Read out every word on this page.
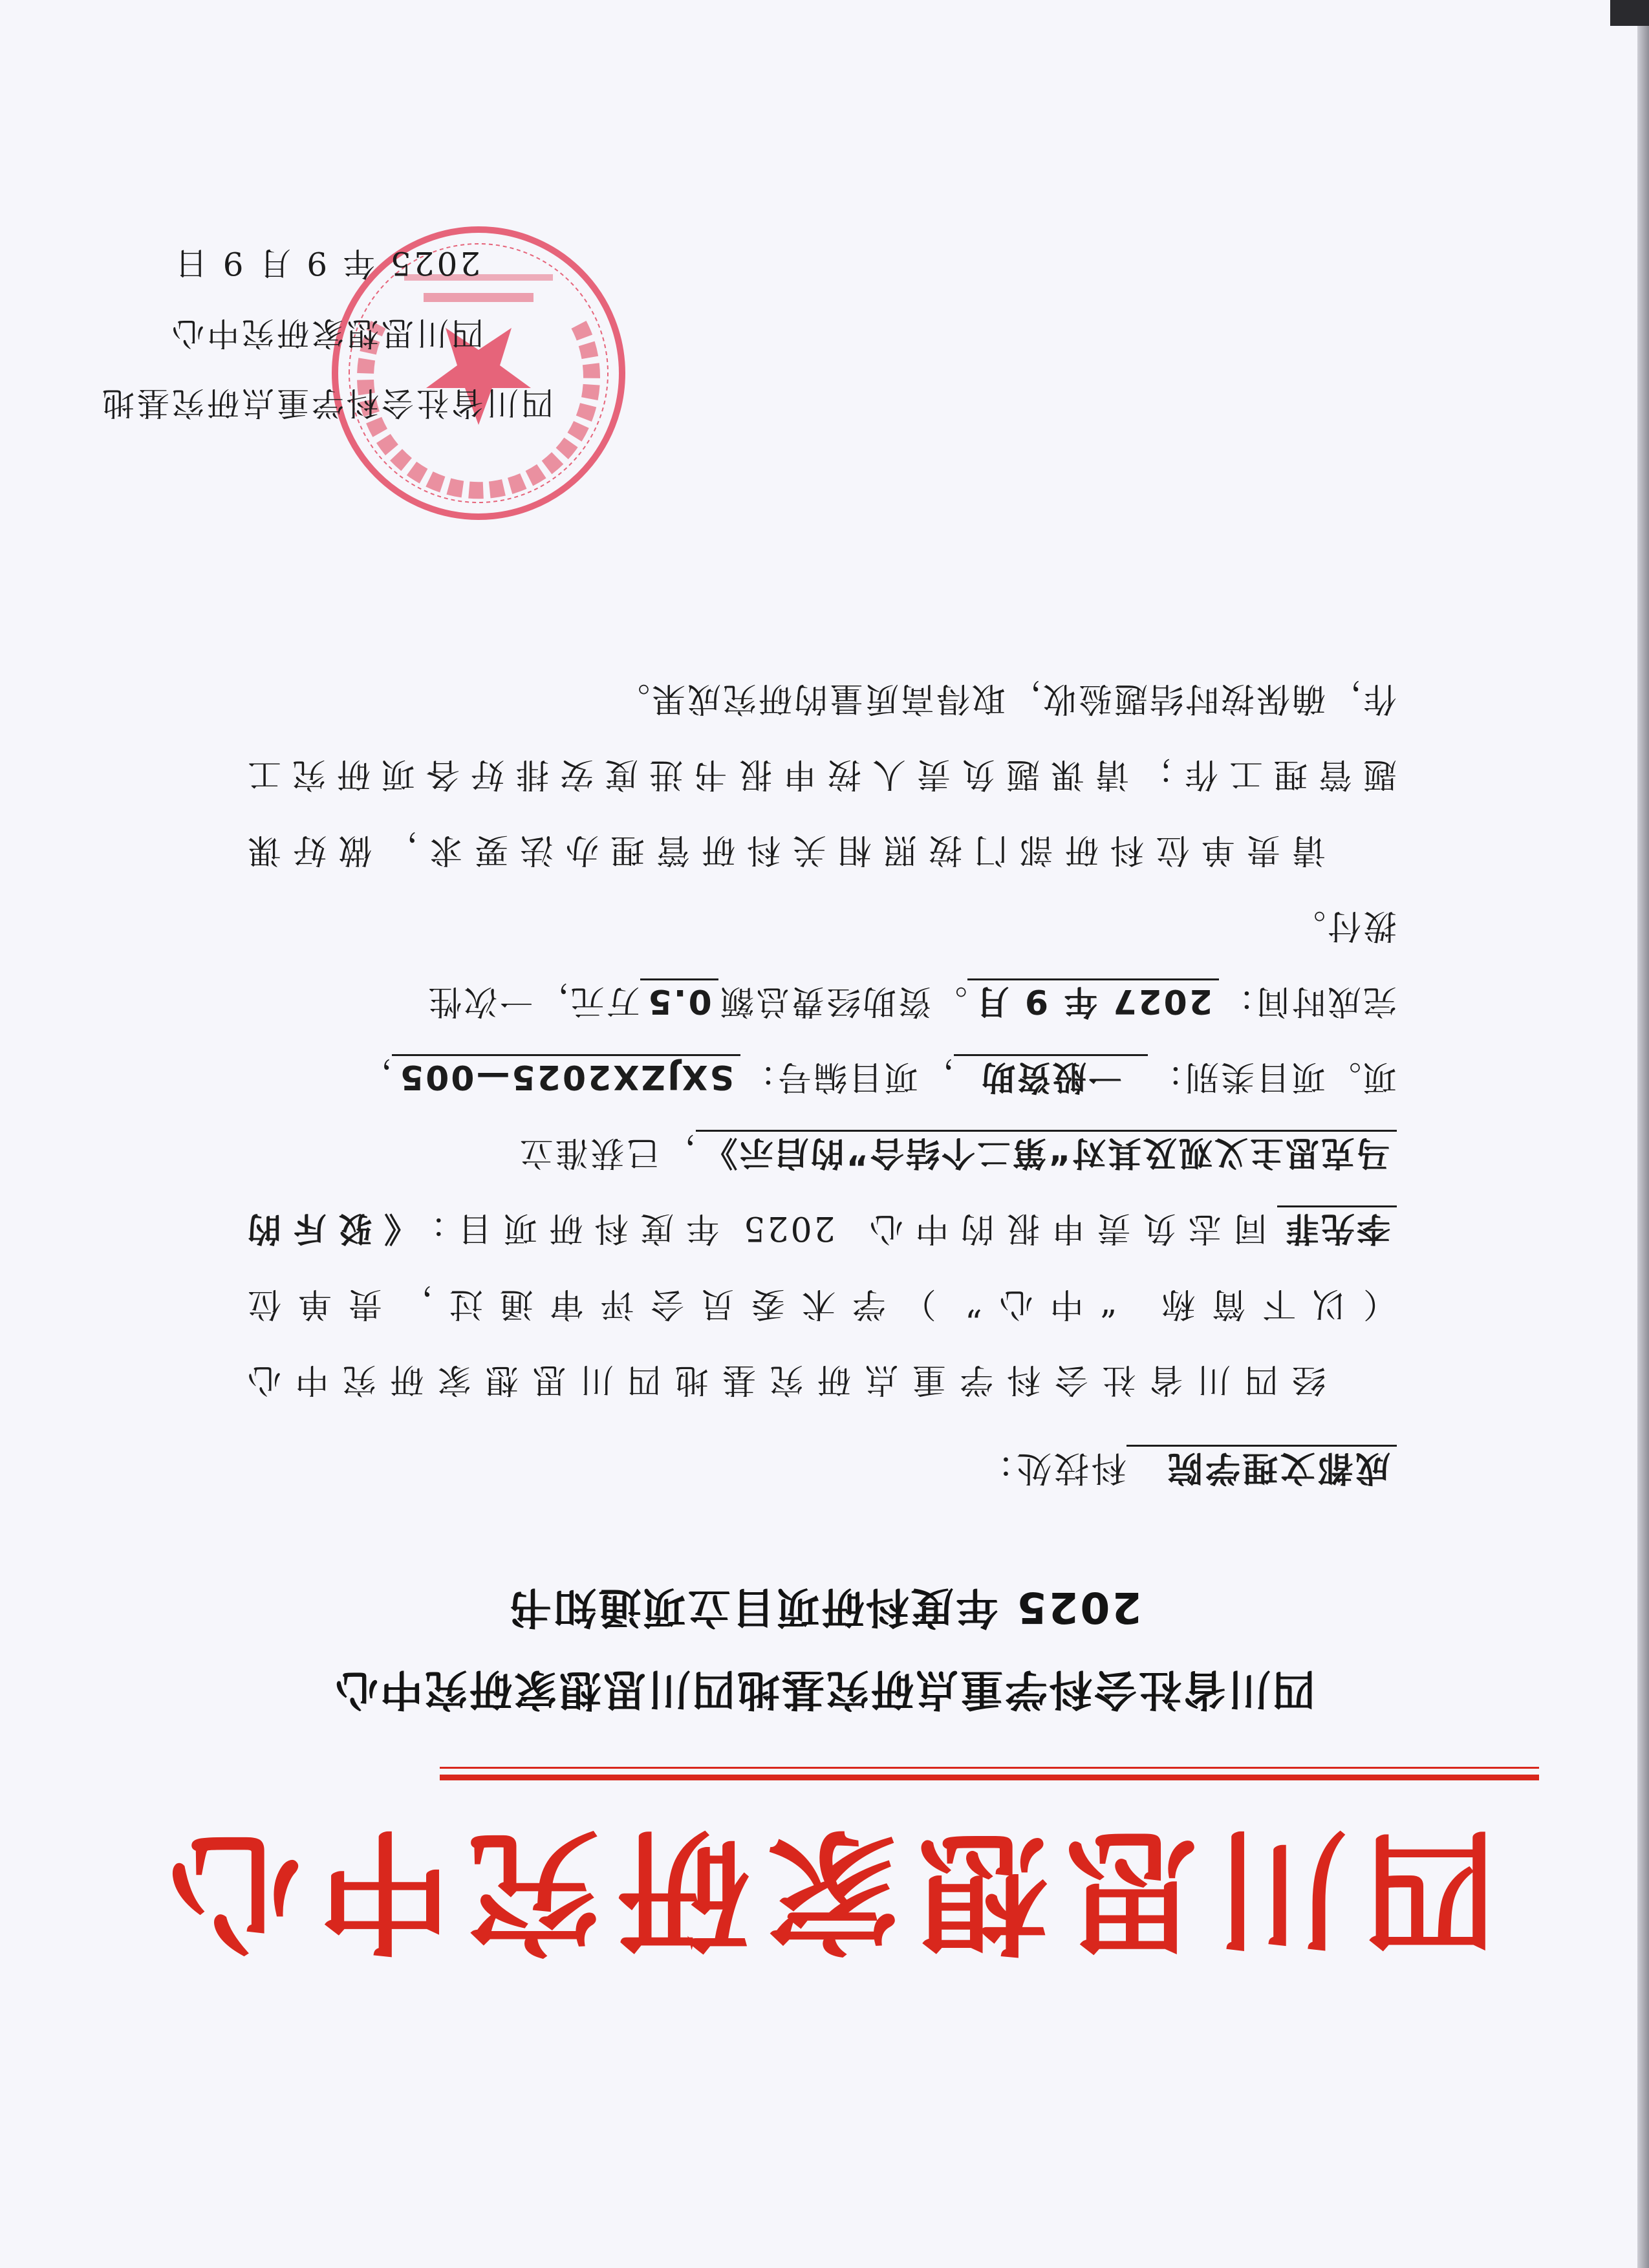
四川思想家研究中心
四川省社会科学重点研究基地四川思想家研究中心
2025 年度科研项目立项通知书
成都文理学院科技处：
经四川省社会科学重点研究基地四川思想家研究中心
（以下简称 “中心” ）学术委员会评审通过，贵单位
李先菲同志负责申报的中心 2025 年度科研项目：《驳斥的
马克思主义观及其对“第二个结合”的启示》，已获准立
项。项目类别：一般资助，项目编号：SXJZX2025—005，
完成时间：2027 年 9 月。资助经费总额0.5万元，一次性
拨付。
请贵单位科研部门按照相关科研管理办法要求，做好课
题管理工作；请课题负责人按申报书进度安排好各项研究工
作，确保按时结题验收，取得高质量的研究成果。
四川省社会科学重点研究基地
四川思想家研究中心
2025 年 9 月 9 日
